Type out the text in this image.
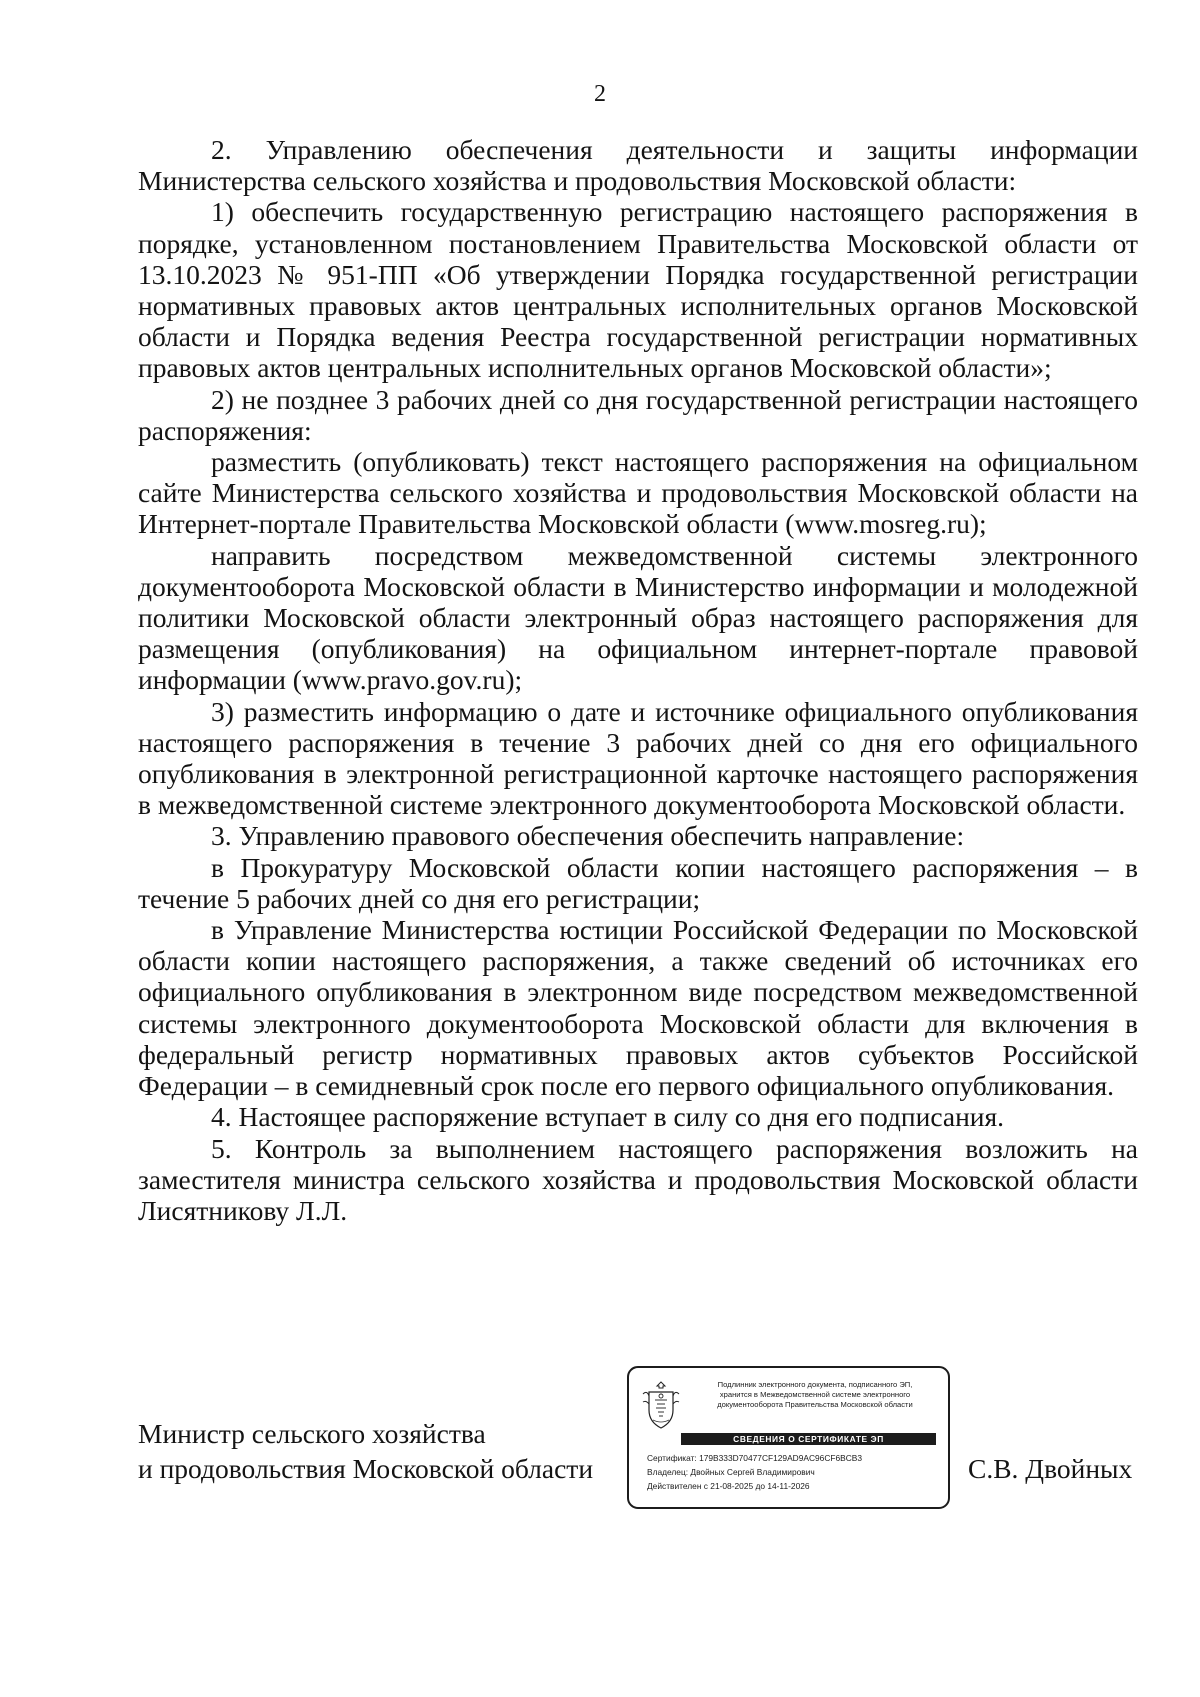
2

2. Управлению обеспечения деятельности и защиты информации Министерства сельского хозяйства и продовольствия Московской области:

1) обеспечить государственную регистрацию настоящего распоряжения в порядке, установленном постановлением Правительства Московской области от 13.10.2023 № 951-ПП «Об утверждении Порядка государственной регистрации нормативных правовых актов центральных исполнительных органов Московской области и Порядка ведения Реестра государственной регистрации нормативных правовых актов центральных исполнительных органов Московской области»;

2) не позднее 3 рабочих дней со дня государственной регистрации настоящего распоряжения:

разместить (опубликовать) текст настоящего распоряжения на официальном сайте Министерства сельского хозяйства и продовольствия Московской области на Интернет-портале Правительства Московской области (www.mosreg.ru);

направить посредством межведомственной системы электронного документооборота Московской области в Министерство информации и молодежной политики Московской области электронный образ настоящего распоряжения для размещения (опубликования) на официальном интернет-портале правовой информации (www.pravo.gov.ru);

3) разместить информацию о дате и источнике официального опубликования настоящего распоряжения в течение 3 рабочих дней со дня его официального опубликования в электронной регистрационной карточке настоящего распоряжения в межведомственной системе электронного документооборота Московской области.

3. Управлению правового обеспечения обеспечить направление:

в Прокуратуру Московской области копии настоящего распоряжения – в течение 5 рабочих дней со дня его регистрации;

в Управление Министерства юстиции Российской Федерации по Московской области копии настоящего распоряжения, а также сведений об источниках его официального опубликования в электронном виде посредством межведомственной системы электронного документооборота Московской области для включения в федеральный регистр нормативных правовых актов субъектов Российской Федерации – в семидневный срок после его первого официального опубликования.

4. Настоящее распоряжение вступает в силу со дня его подписания.

5. Контроль за выполнением настоящего распоряжения возложить на заместителя министра сельского хозяйства и продовольствия Московской области Лисятникову Л.Л.

Министр сельского хозяйства
и продовольствия Московской области
Подлинник электронного документа, подписанного ЭП,
хранится в Межведомственной системе электронного
документооборота Правительства Московской области
СВЕДЕНИЯ О СЕРТИФИКАТЕ ЭП
Сертификат: 179B333D70477CF129AD9AC96CF6BCB3
Владелец: Двойных Сергей Владимирович
Действителен с 21-08-2025 до 14-11-2026
С.В. Двойных
